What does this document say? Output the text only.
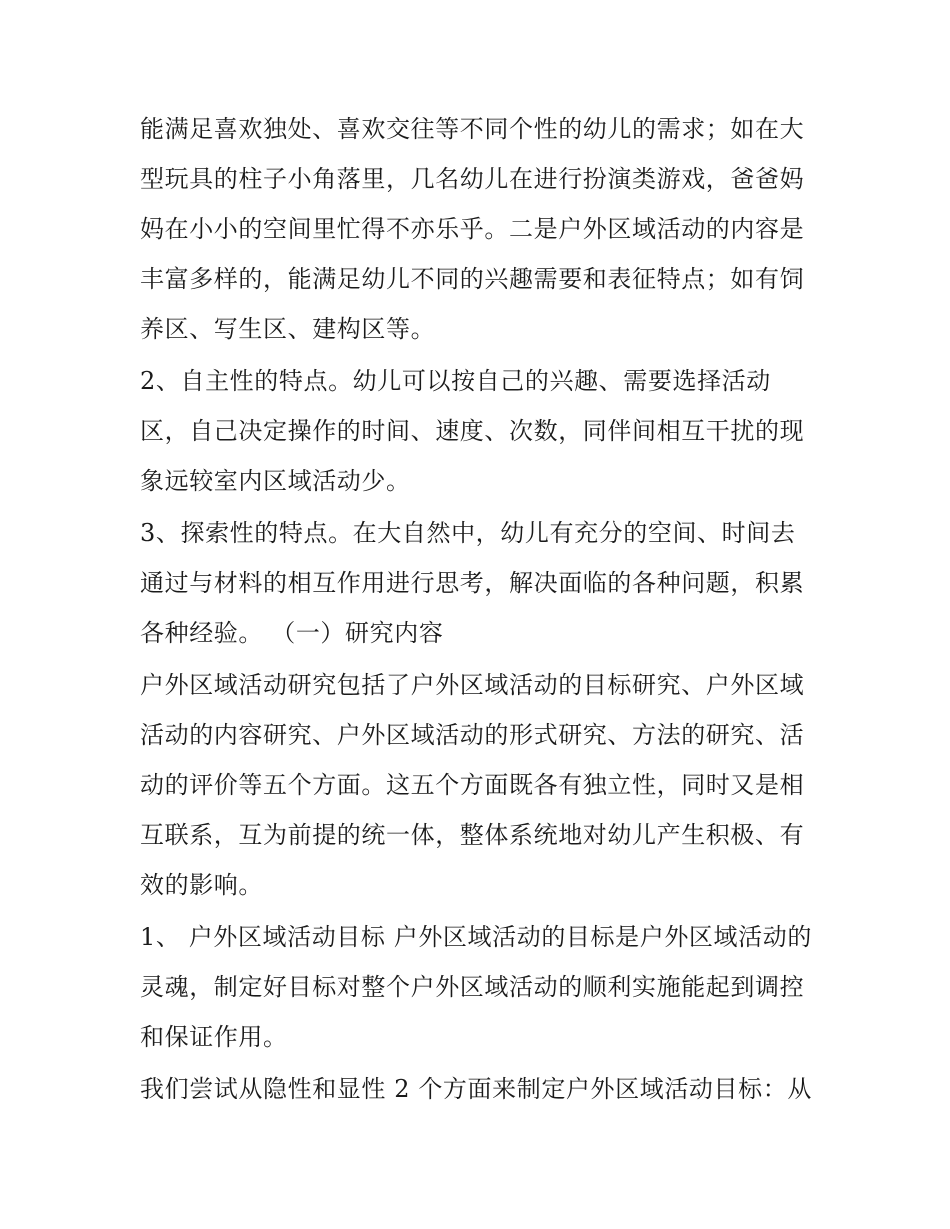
能满足喜欢独处、喜欢交往等不同个性的幼儿的需求；如在大
型玩具的柱子小角落里，几名幼儿在进行扮演类游戏，爸爸妈
妈在小小的空间里忙得不亦乐乎。二是户外区域活动的内容是
丰富多样的，能满足幼儿不同的兴趣需要和表征特点；如有饲
养区、写生区、建构区等。
2、自主性的特点。幼儿可以按自己的兴趣、需要选择活动
区，自己决定操作的时间、速度、次数，同伴间相互干扰的现
象远较室内区域活动少。
3、探索性的特点。在大自然中，幼儿有充分的空间、时间去
通过与材料的相互作用进行思考，解决面临的各种问题，积累
各种经验。 （一）研究内容
户外区域活动研究包括了户外区域活动的目标研究、户外区域
活动的内容研究、户外区域活动的形式研究、方法的研究、活
动的评价等五个方面。这五个方面既各有独立性，同时又是相
互联系，互为前提的统一体，整体系统地对幼儿产生积极、有
效的影响。
1、 户外区域活动目标 户外区域活动的目标是户外区域活动的
灵魂，制定好目标对整个户外区域活动的顺利实施能起到调控
和保证作用。
我们尝试从隐性和显性 2 个方面来制定户外区域活动目标：从
